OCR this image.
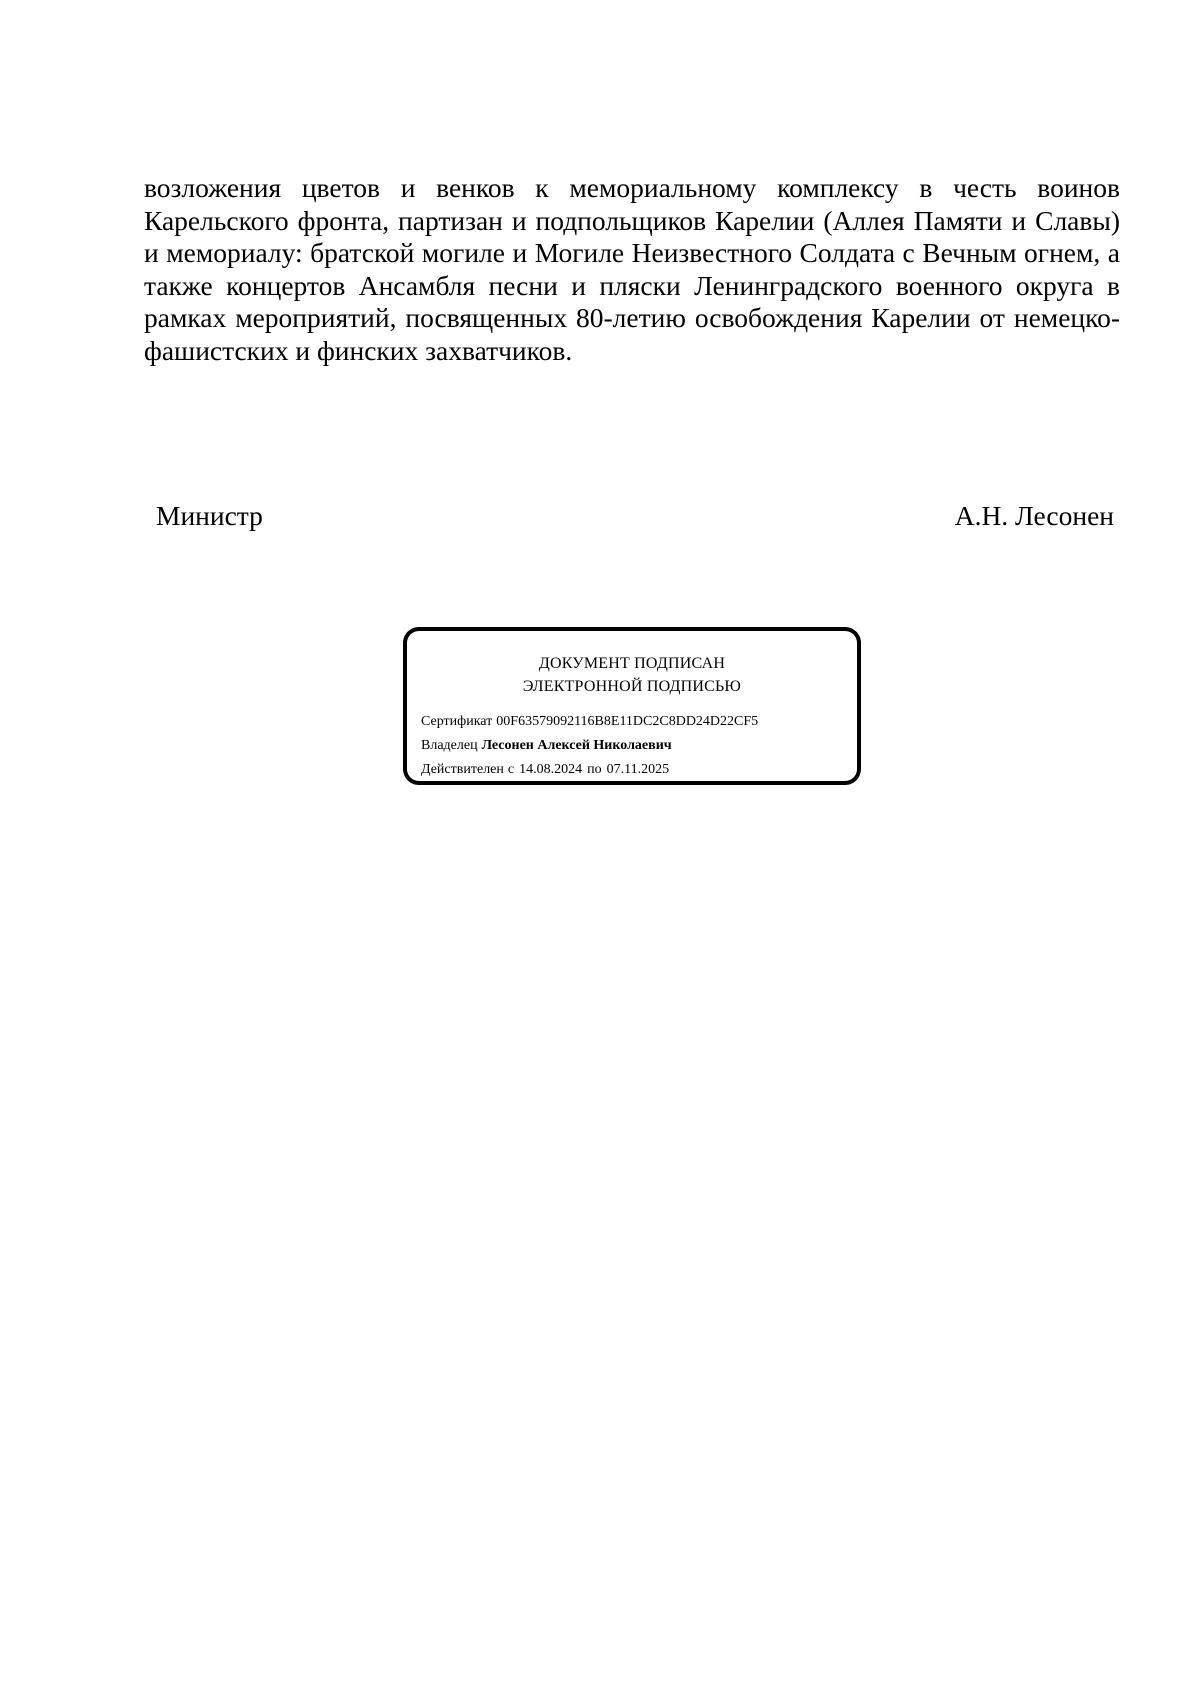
возложения цветов и венков к мемориальному комплексу в честь воинов Карельского фронта, партизан и подпольщиков Карелии (Аллея Памяти и Славы) и мемориалу: братской могиле и Могиле Неизвестного Солдата с Вечным огнем, а также концертов Ансамбля песни и пляски Ленинградского военного округа в рамках мероприятий, посвященных 80-летию освобождения Карелии от немецко-фашистских и финских захватчиков.

Министр	А.Н. Лесонен
ДОКУМЕНТ ПОДПИСАН
ЭЛЕКТРОННОЙ ПОДПИСЬЮ
Сертификат 00F63579092116B8E11DC2C8DD24D22CF5
Владелец Лесонен Алексей Николаевич
Действителен с 14.08.2024 по 07.11.2025
